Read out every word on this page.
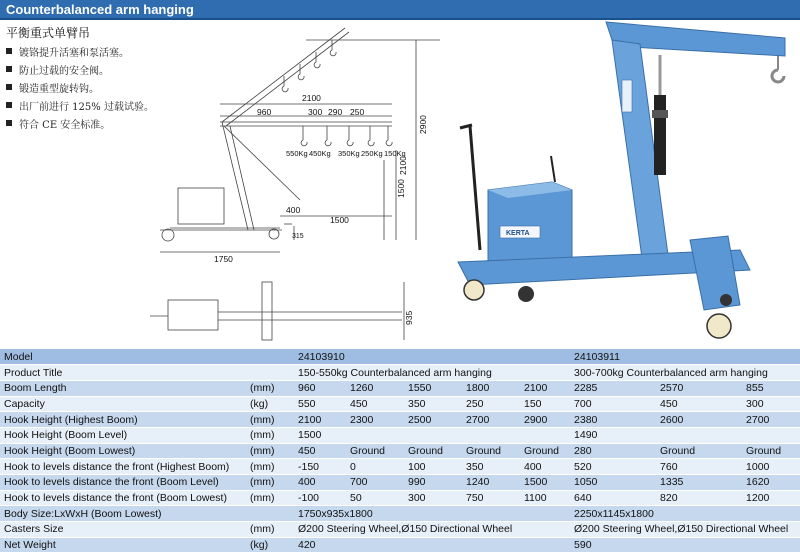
Counterbalanced arm hanging
平衡重式单臂吊
镀铬提升活塞和泵活塞。
防止过载的安全阀。
锻造重型旋转钩。
出厂前进行 125% 过载试验。
符合 CE 安全标准。
2100
960	300 290 250
2900
2100
1500
400
1500
315
1750
935
550Kg 450Kg 350Kg 250Kg 150Kg
KERTA
Model		24103910					24103911		
Product Title		150-550kg Counterbalanced arm hanging					300-700kg Counterbalanced arm hanging		
Boom Length	(mm)	960	1260	1550	1800	2100	2285	2570	855
Capacity	(kg)	550	450	350	250	150	700	450	300
Hook Height (Highest Boom)	(mm)	2100	2300	2500	2700	2900	2380	2600	2700
Hook Height (Boom Level)	(mm)	1500					1490		
Hook Height (Boom Lowest)	(mm)	450	Ground	Ground	Ground	Ground	280	Ground	Ground
Hook to levels distance the front (Highest Boom)	(mm)	-150	0	100	350	400	520	760	1000
Hook to levels distance the front (Boom Level)	(mm)	400	700	990	1240	1500	1050	1335	1620
Hook to levels distance the front (Boom Lowest)	(mm)	-100	50	300	750	1100	640	820	1200
Body Size:LxWxH (Boom Lowest)		1750x935x1800					2250x1145x1800		
Casters Size	(mm)	Ø200 Steering Wheel,Ø150 Directional Wheel					Ø200 Steering Wheel,Ø150 Directional Wheel		
Net Weight	(kg)	420					590		
